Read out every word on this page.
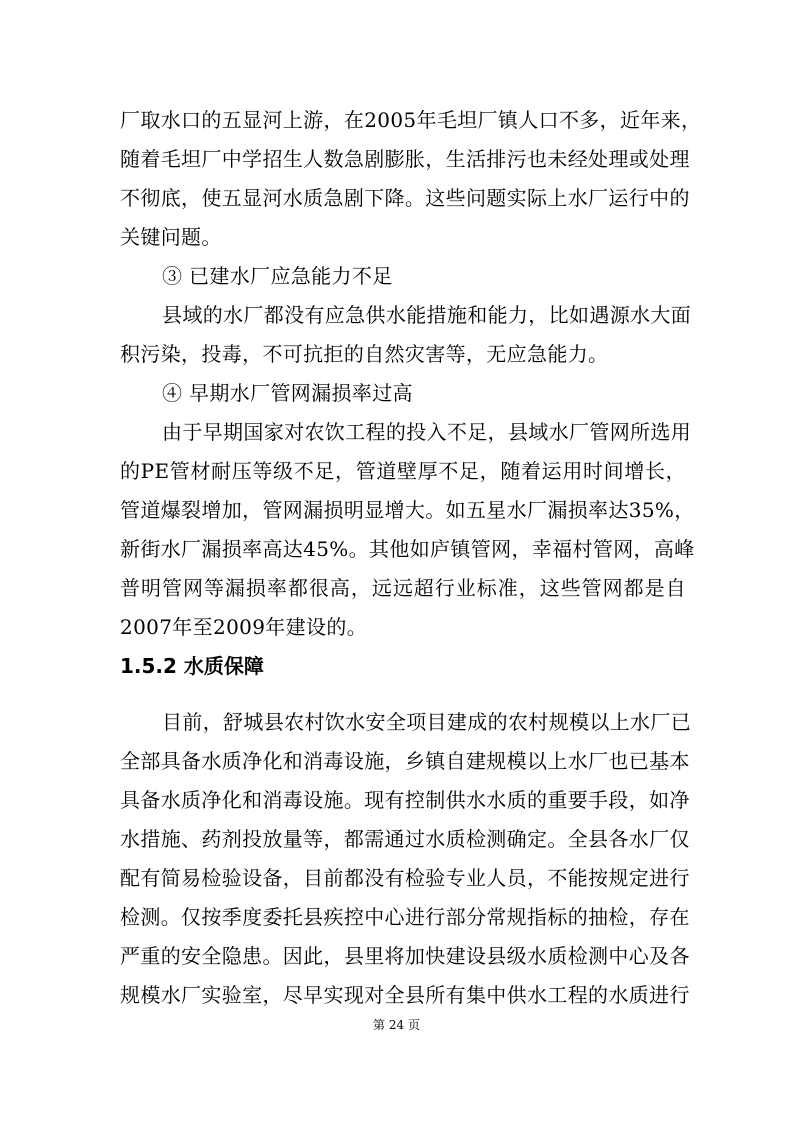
厂取水口的五显河上游，在2005年毛坦厂镇人口不多，近年来，
随着毛坦厂中学招生人数急剧膨胀，生活排污也未经处理或处理
不彻底，使五显河水质急剧下降。这些问题实际上水厂运行中的
关键问题。
③ 已建水厂应急能力不足
县域的水厂都没有应急供水能措施和能力，比如遇源水大面
积污染，投毒，不可抗拒的自然灾害等，无应急能力。
④ 早期水厂管网漏损率过高
由于早期国家对农饮工程的投入不足，县域水厂管网所选用
的PE管材耐压等级不足，管道壁厚不足，随着运用时间增长，
管道爆裂增加，管网漏损明显增大。如五星水厂漏损率达35%，
新街水厂漏损率高达45%。其他如庐镇管网，幸福村管网，高峰
普明管网等漏损率都很高，远远超行业标准，这些管网都是自
2007年至2009年建设的。
1.5.2 水质保障
目前，舒城县农村饮水安全项目建成的农村规模以上水厂已
全部具备水质净化和消毒设施，乡镇自建规模以上水厂也已基本
具备水质净化和消毒设施。现有控制供水水质的重要手段，如净
水措施、药剂投放量等，都需通过水质检测确定。全县各水厂仅
配有简易检验设备，目前都没有检验专业人员，不能按规定进行
检测。仅按季度委托县疾控中心进行部分常规指标的抽检，存在
严重的安全隐患。因此，县里将加快建设县级水质检测中心及各
规模水厂实验室，尽早实现对全县所有集中供水工程的水质进行
第 24 页
